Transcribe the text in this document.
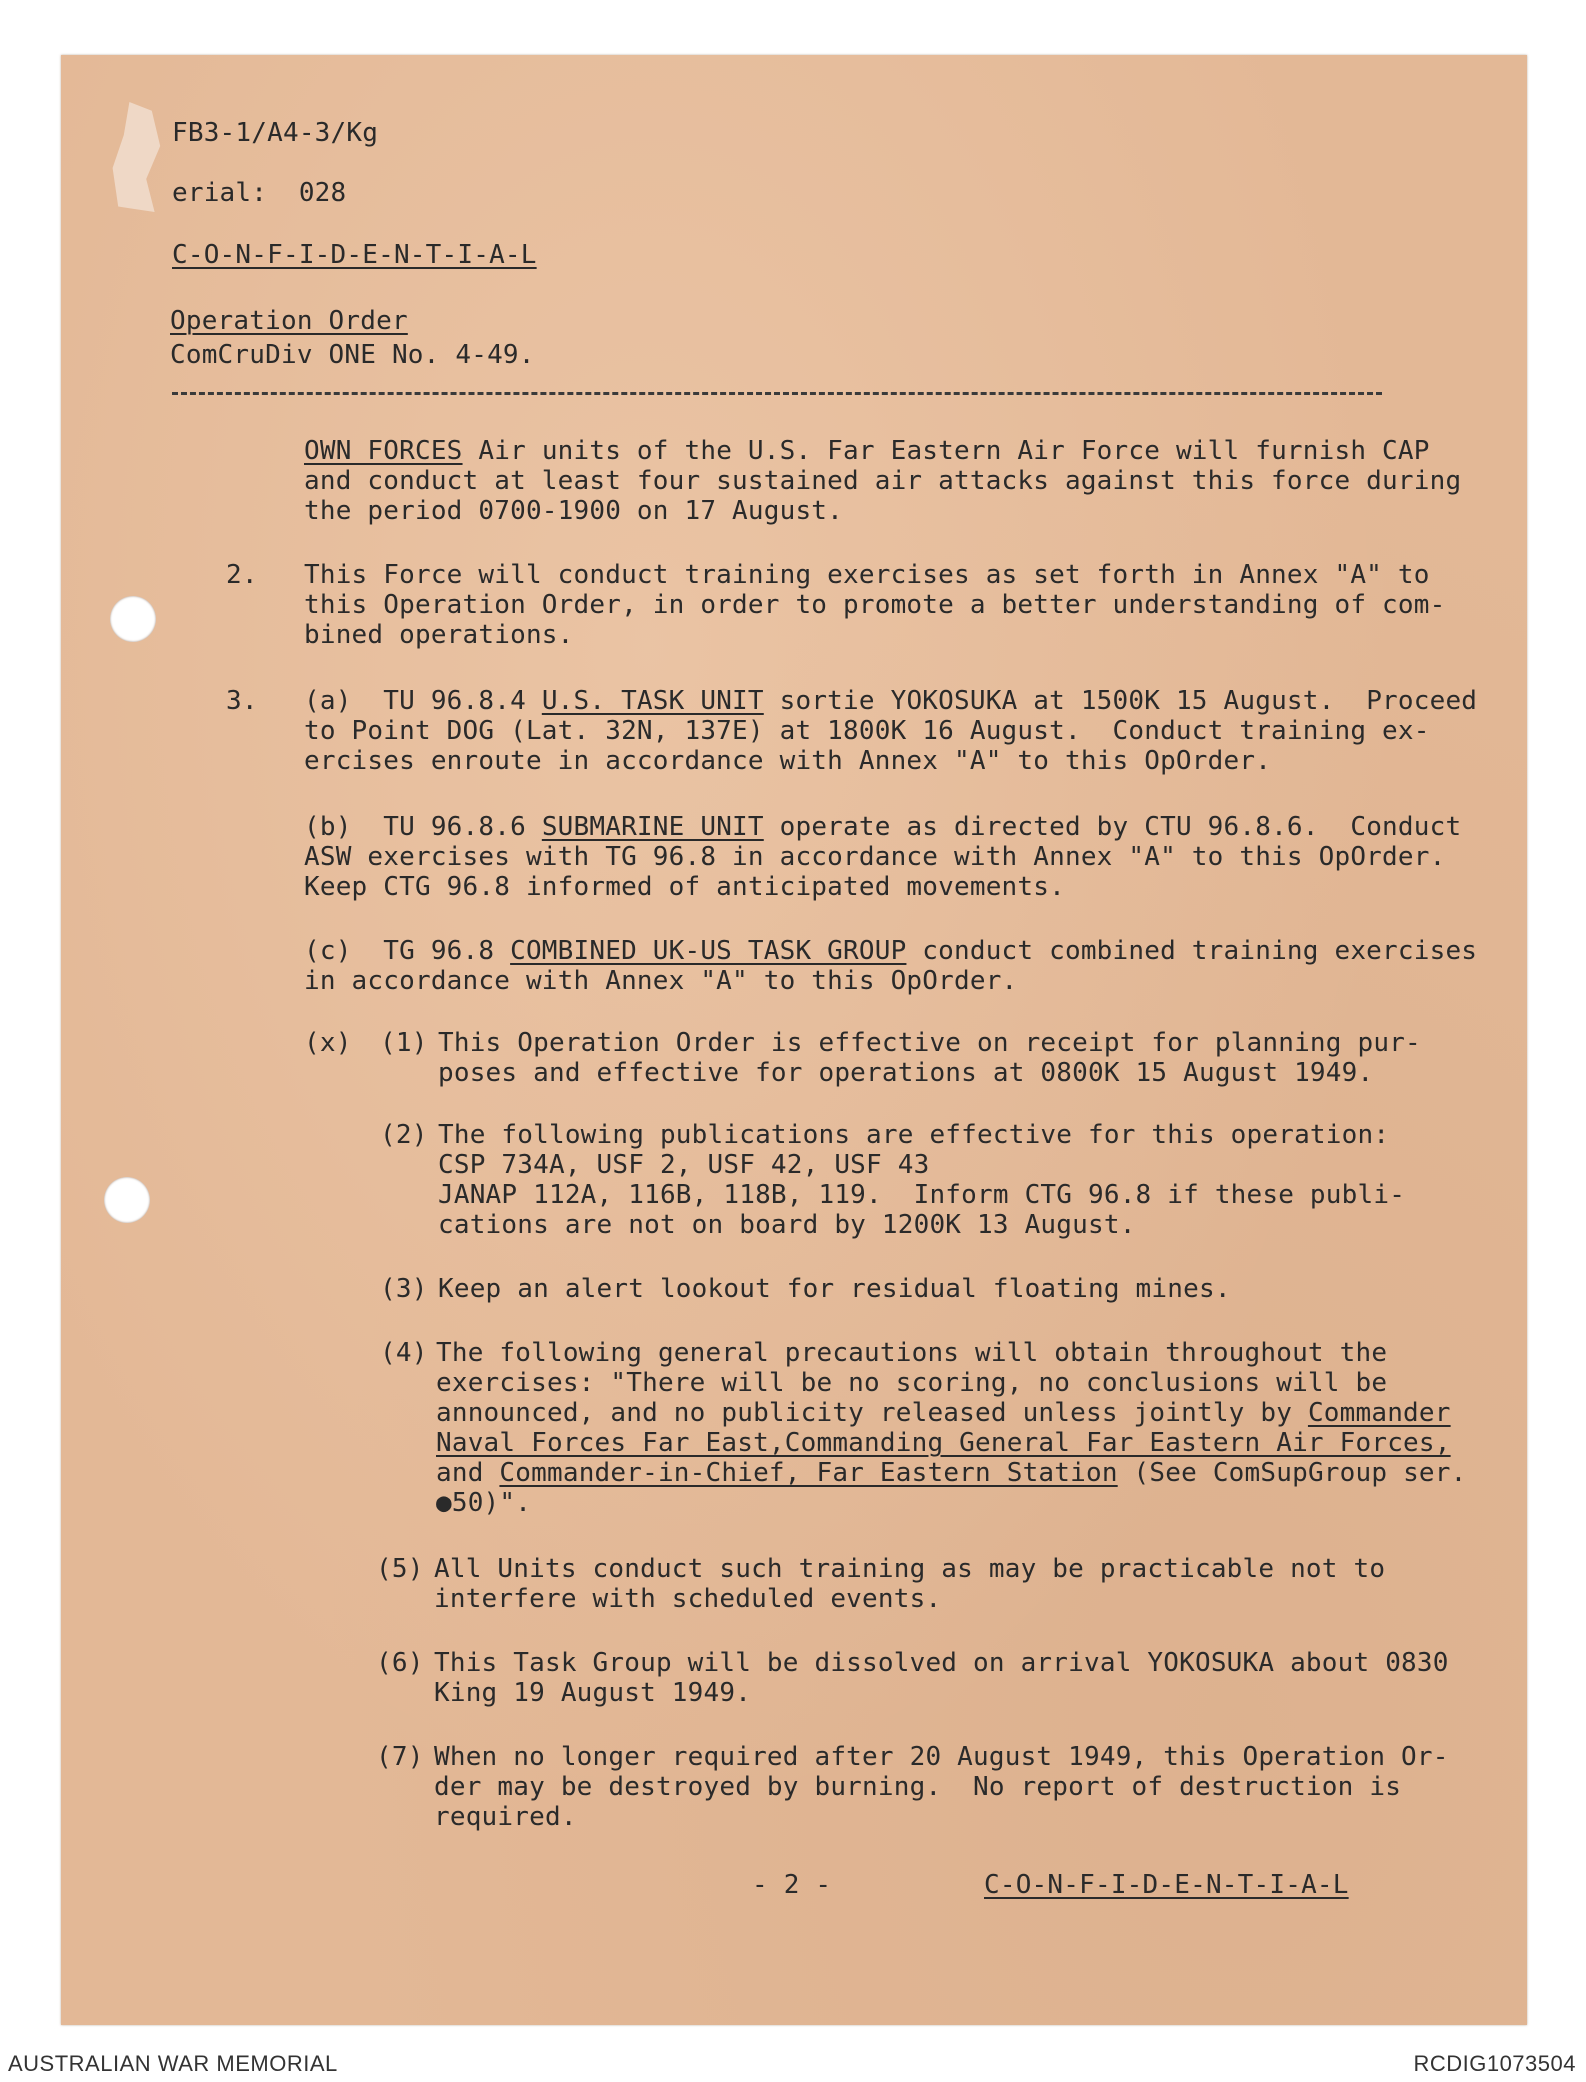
FB3-1/A4-3/Kg
erial:  028
C-O-N-F-I-D-E-N-T-I-A-L
Operation Order
ComCruDiv ONE No. 4-49.
OWN FORCES Air units of the U.S. Far Eastern Air Force will furnish CAP
and conduct at least four sustained air attacks against this force during
the period 0700-1900 on 17 August.
2. This Force will conduct training exercises as set forth in Annex "A" to
this Operation Order, in order to promote a better understanding of com-
bined operations.
3. (a)  TU 96.8.4 U.S. TASK UNIT sortie YOKOSUKA at 1500K 15 August.  Proceed
to Point DOG (Lat. 32N, 137E) at 1800K 16 August.  Conduct training ex-
ercises enroute in accordance with Annex "A" to this OpOrder.
(b)  TU 96.8.6 SUBMARINE UNIT operate as directed by CTU 96.8.6.  Conduct
ASW exercises with TG 96.8 in accordance with Annex "A" to this OpOrder.
Keep CTG 96.8 informed of anticipated movements.
(c)  TG 96.8 COMBINED UK-US TASK GROUP conduct combined training exercises
in accordance with Annex "A" to this OpOrder.
(x) (1) This Operation Order is effective on receipt for planning pur-
poses and effective for operations at 0800K 15 August 1949.
(2) The following publications are effective for this operation:
CSP 734A, USF 2, USF 42, USF 43
JANAP 112A, 116B, 118B, 119.  Inform CTG 96.8 if these publi-
cations are not on board by 1200K 13 August.
(3) Keep an alert lookout for residual floating mines.
(4) The following general precautions will obtain throughout the
exercises: "There will be no scoring, no conclusions will be
announced, and no publicity released unless jointly by Commander
Naval Forces Far East,Commanding General Far Eastern Air Forces,
and Commander-in-Chief, Far Eastern Station (See ComSupGroup ser.
●50)".
(5) All Units conduct such training as may be practicable not to
interfere with scheduled events.
(6) This Task Group will be dissolved on arrival YOKOSUKA about 0830
King 19 August 1949.
(7) When no longer required after 20 August 1949, this Operation Or-
der may be destroyed by burning.  No report of destruction is
required.
- 2 -	C-O-N-F-I-D-E-N-T-I-A-L
AUSTRALIAN WAR MEMORIAL	RCDIG1073504
